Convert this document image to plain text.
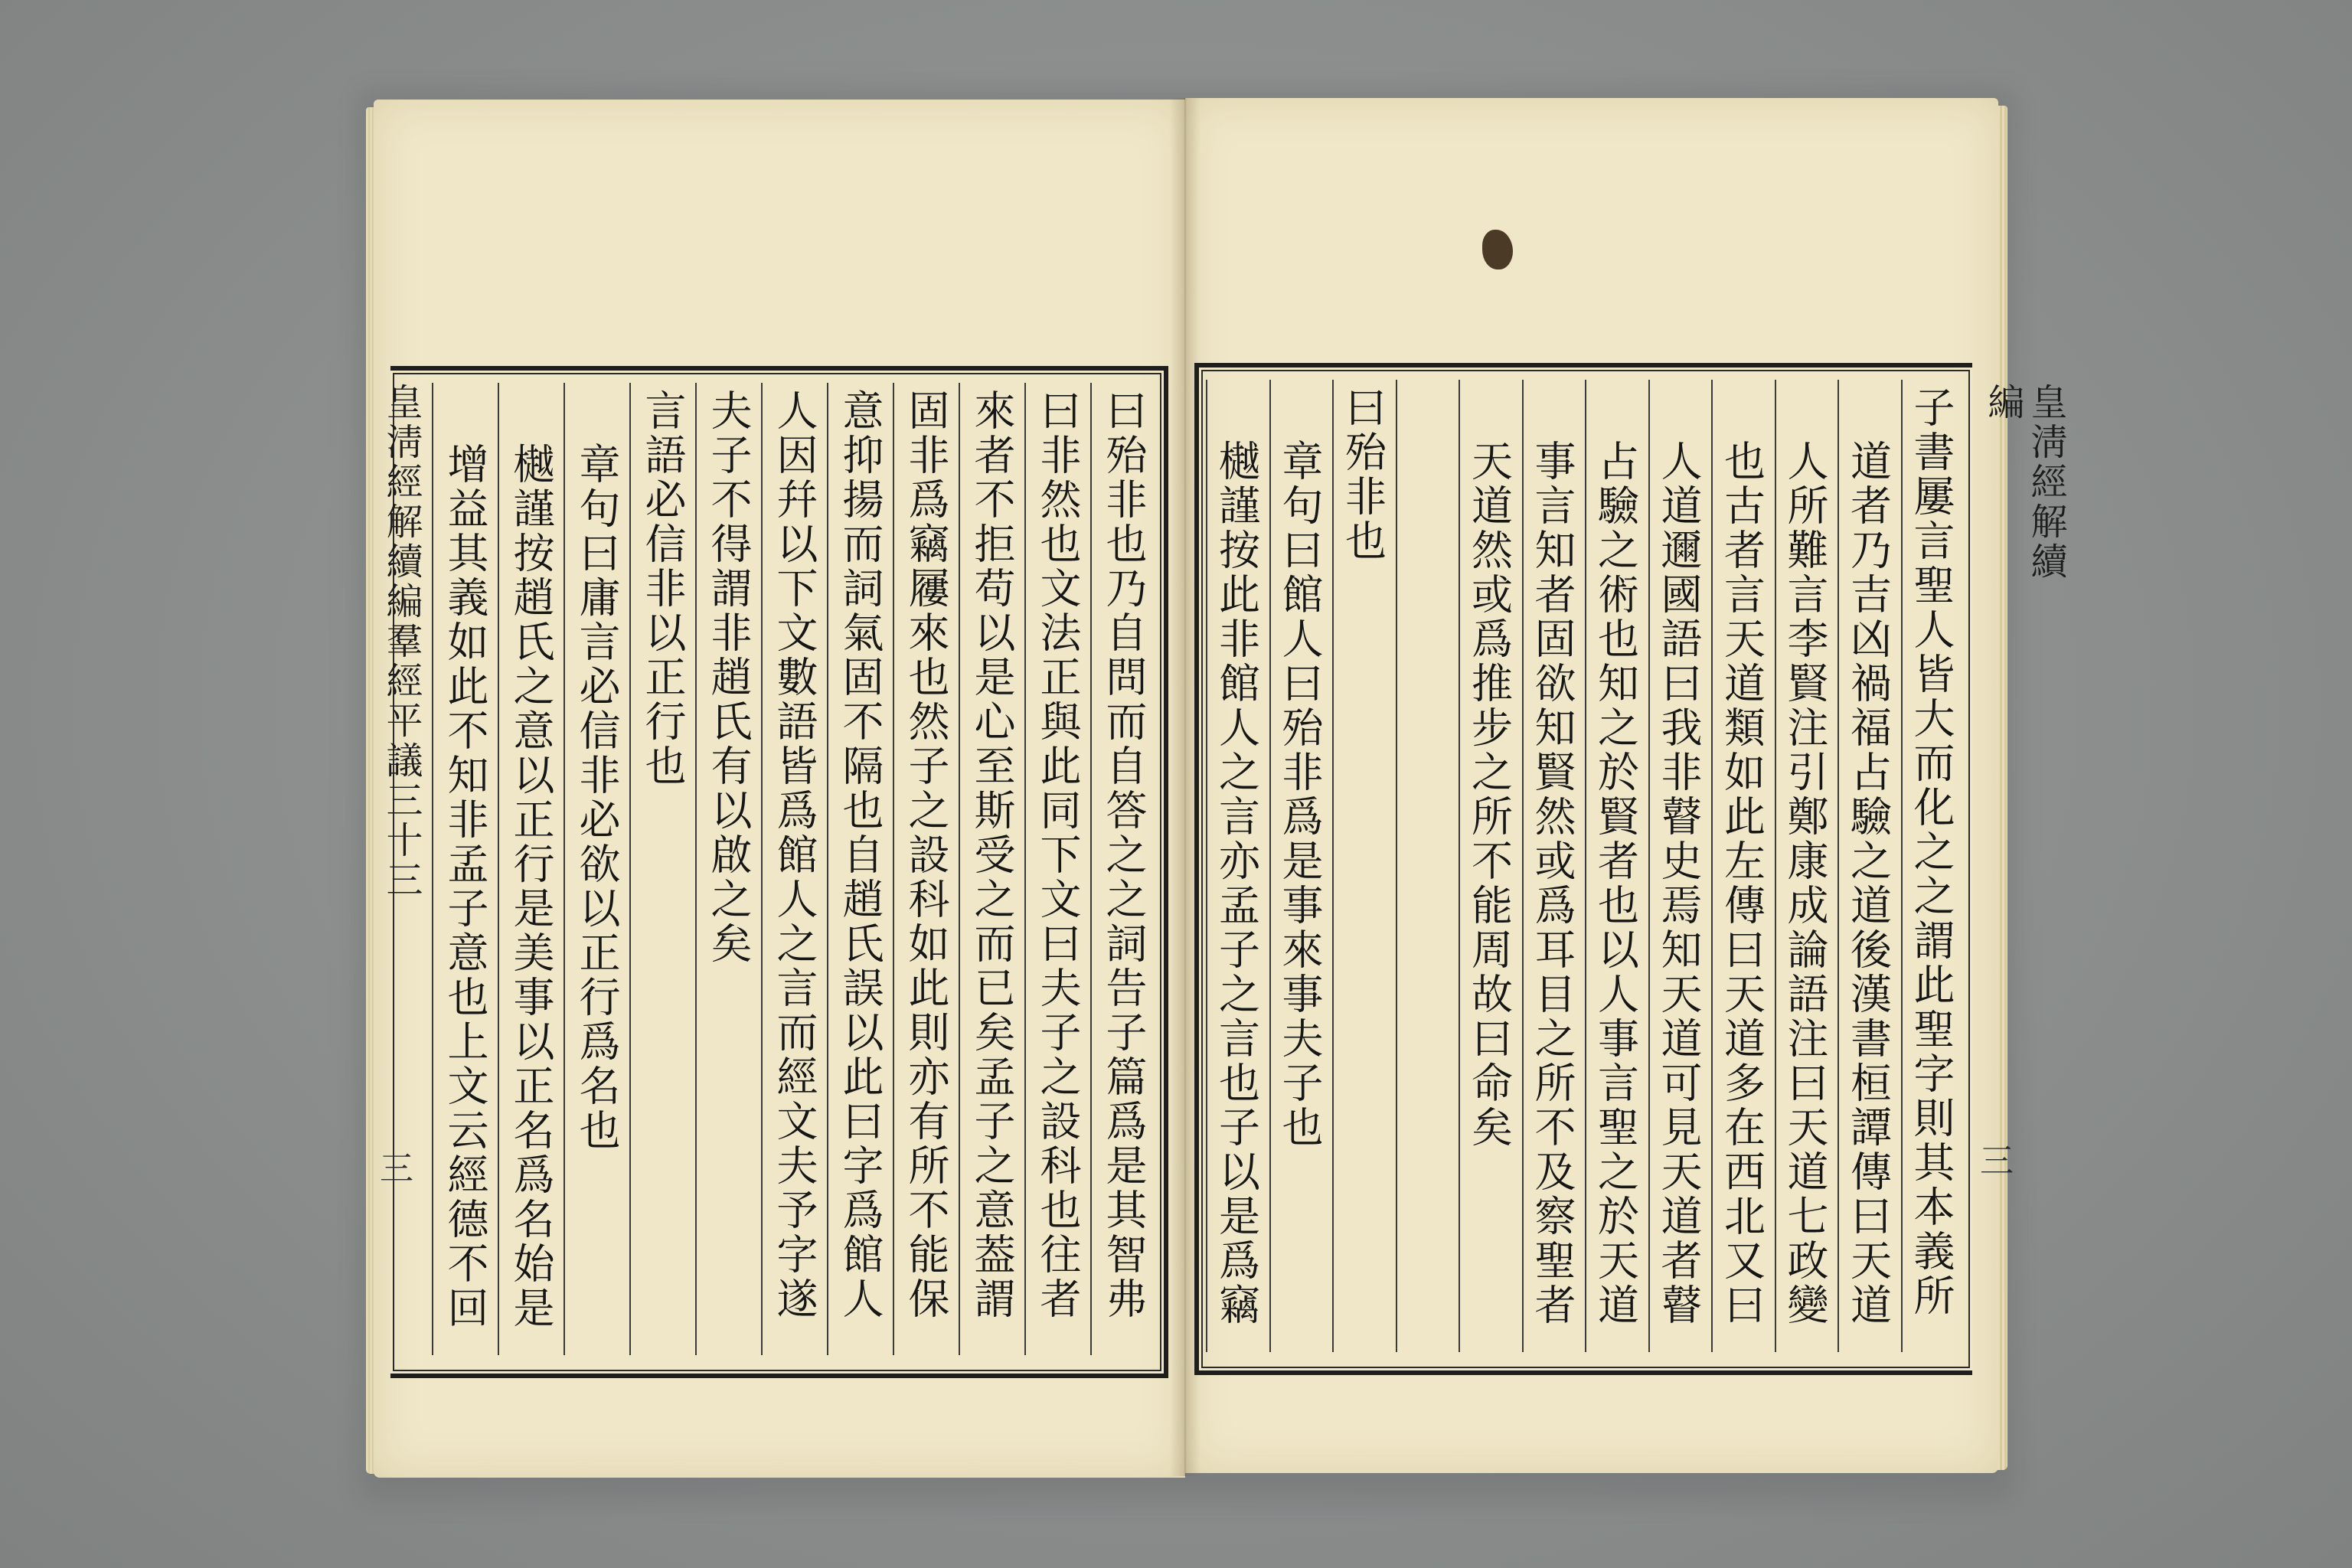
皇淸經解續編羣經平議三十三
三
皇淸經解續編
三
曰殆非也乃自問而自答之之詞告子篇爲是其智弗
曰非然也文法正與此同下文曰夫子之設科也往者
來者不拒苟以是心至斯受之而已矣孟子之意葢謂
固非爲竊屨來也然子之設科如此則亦有所不能保
意抑揚而詞氣固不隔也自趙氏誤以此曰字爲館人
人因幷以下文數語皆爲館人之言而經文夫予字遂
夫子不得謂非趙氏有以啟之矣
言語必信非以正行也
章句曰庸言必信非必欲以正行爲名也
樾謹按趙氏之意以正行是美事以正名爲名始是
增益其義如此不知非孟子意也上文云經德不回
子書屢言聖人皆大而化之之謂此聖字則其本義所
道者乃吉凶禍福占驗之道後漢書桓譚傳曰天道
人所難言李賢注引鄭康成論語注曰天道七政變
也古者言天道類如此左傳曰天道多在西北又曰
人道邇國語曰我非瞽史焉知天道可見天道者瞽
占驗之術也知之於賢者也以人事言聖之於天道
事言知者固欲知賢然或爲耳目之所不及察聖者
天道然或爲推步之所不能周故曰命矣
曰殆非也
章句曰館人曰殆非爲是事來事夫子也
樾謹按此非館人之言亦孟子之言也子以是爲竊
